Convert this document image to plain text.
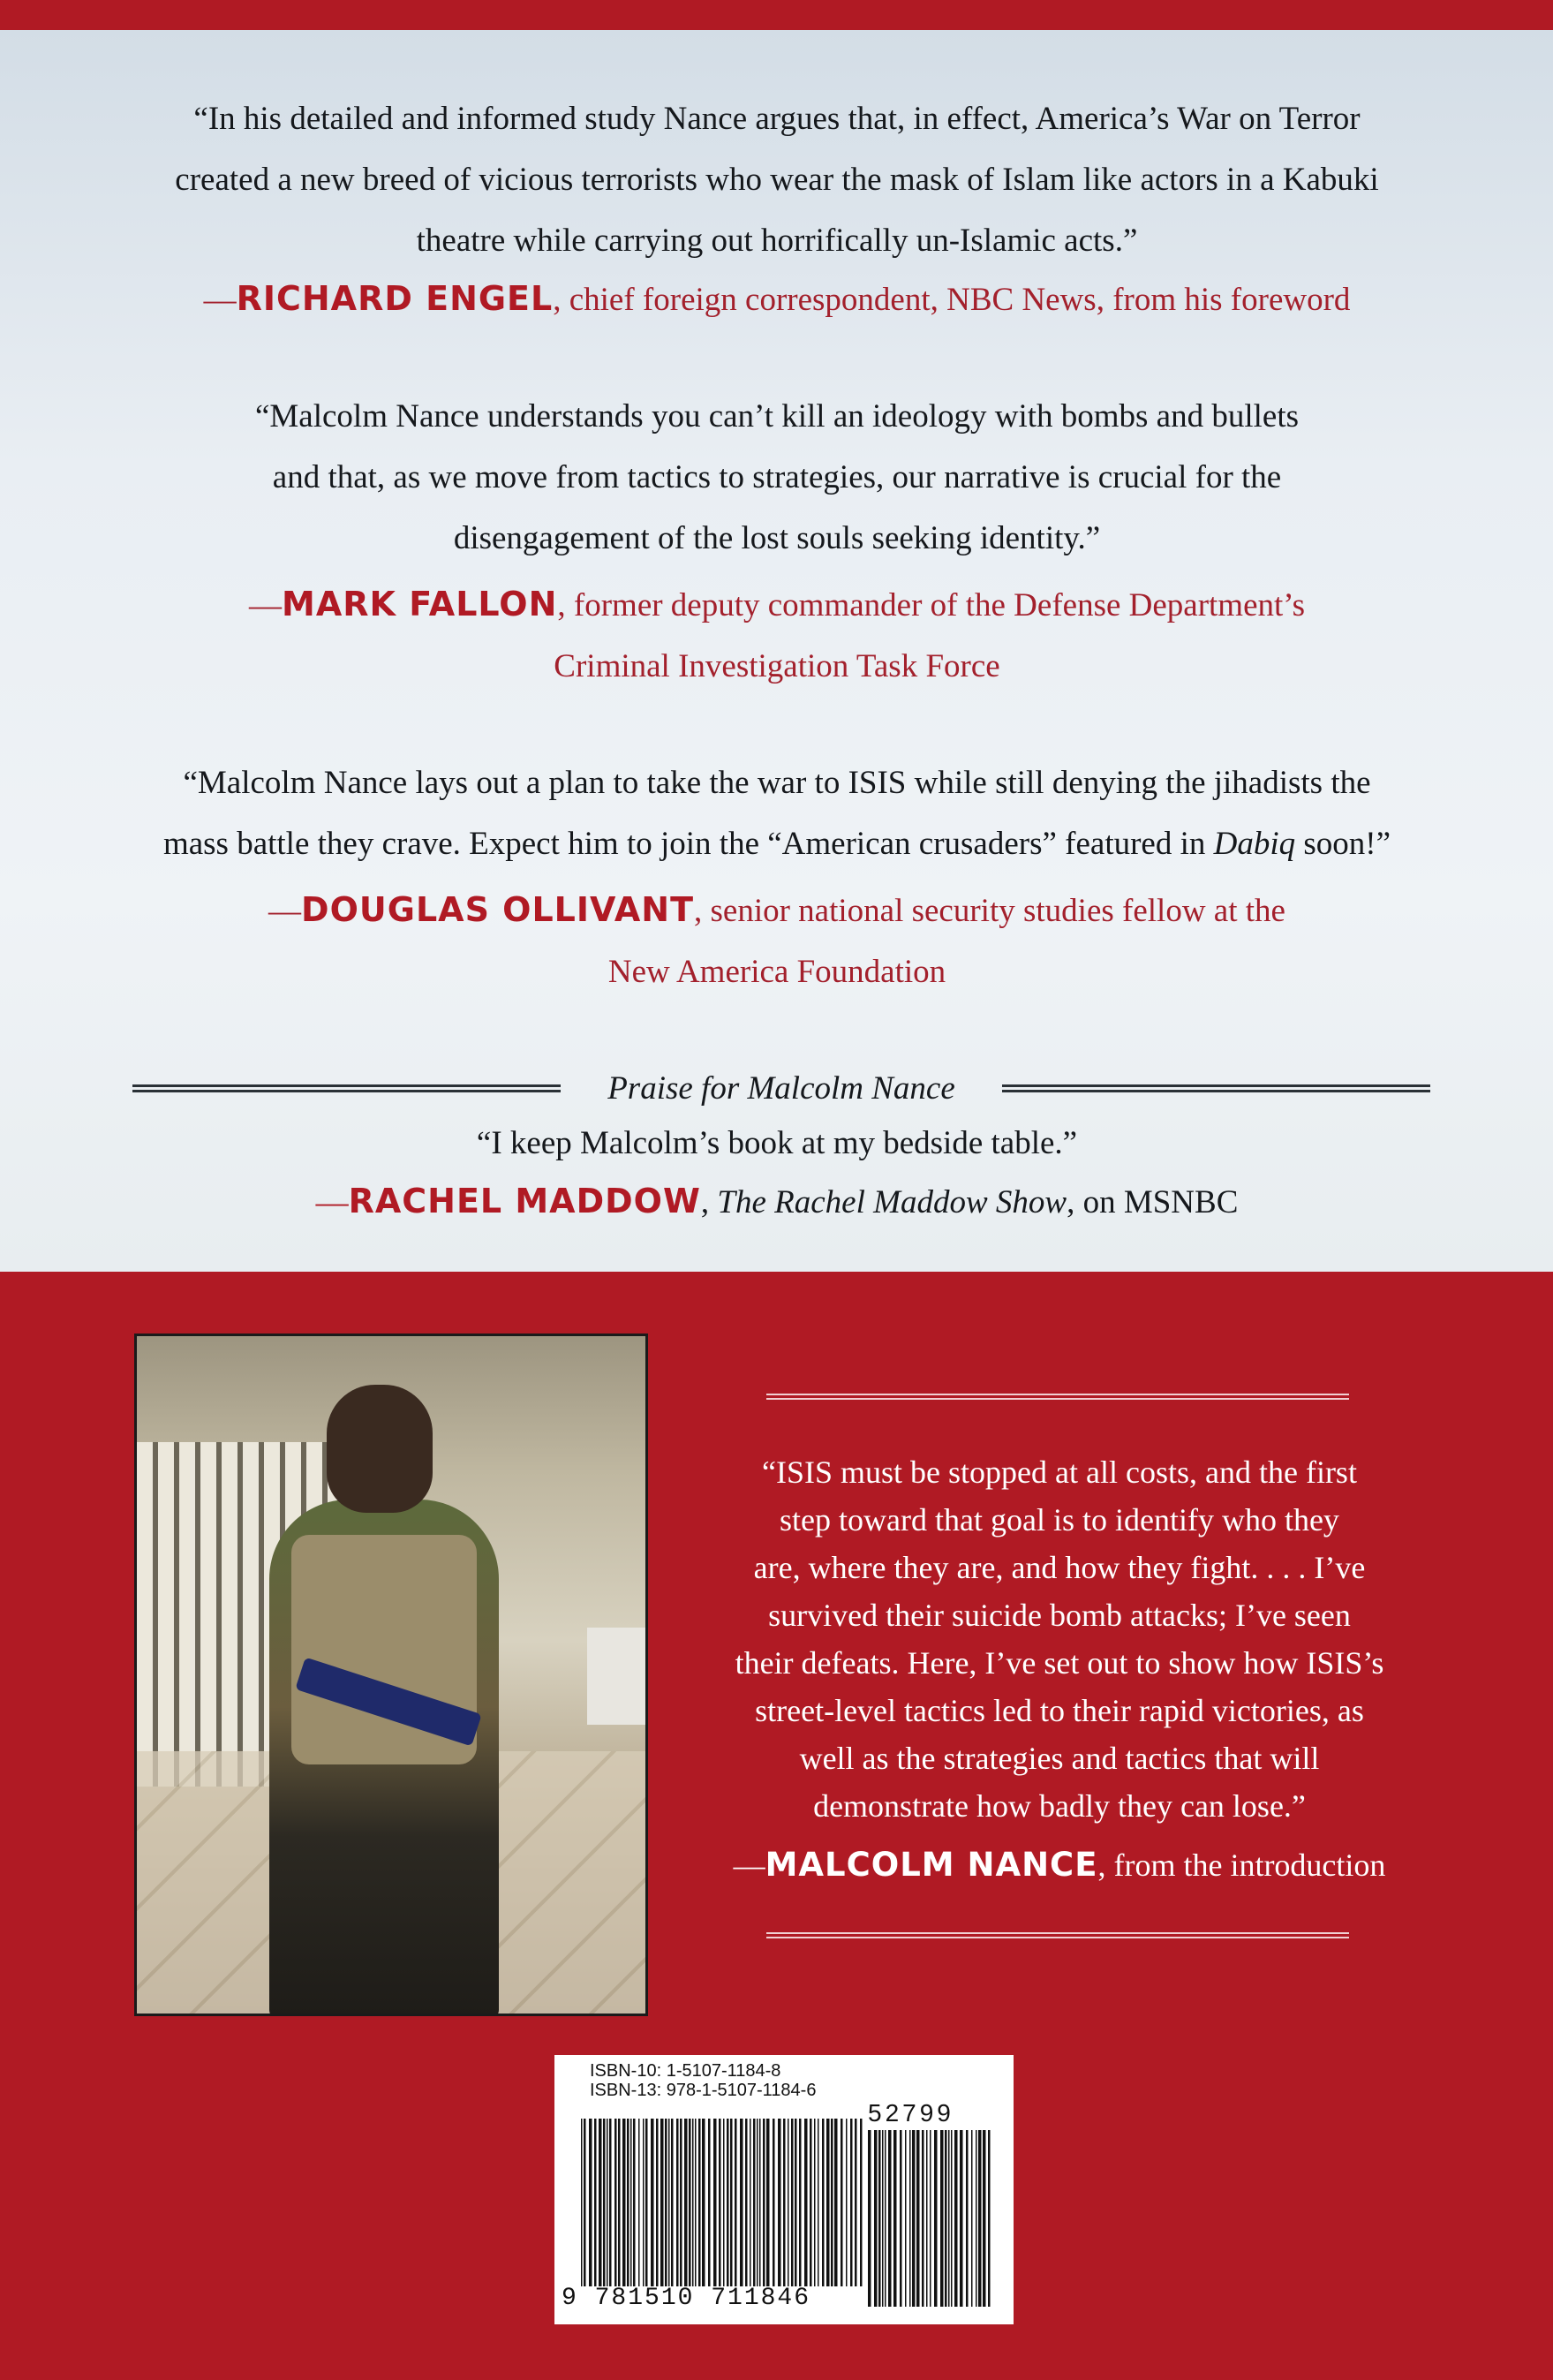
“In his detailed and informed study Nance argues that, in effect, America’s War on Terror
created a new breed of vicious terrorists who wear the mask of Islam like actors in a Kabuki
theatre while carrying out horrifically un-Islamic acts.”

—RICHARD ENGEL, chief foreign correspondent, NBC News, from his foreword

“Malcolm Nance understands you can’t kill an ideology with bombs and bullets
and that, as we move from tactics to strategies, our narrative is crucial for the
disengagement of the lost souls seeking identity.”

—MARK FALLON, former deputy commander of the Defense Department’s
Criminal Investigation Task Force

“Malcolm Nance lays out a plan to take the war to ISIS while still denying the jihadists the
mass battle they crave. Expect him to join the “American crusaders” featured in Dabiq soon!”

—DOUGLAS OLLIVANT, senior national security studies fellow at the
New America Foundation

Praise for Malcolm Nance

“I keep Malcolm’s book at my bedside table.”

—RACHEL MADDOW, The Rachel Maddow Show, on MSNBC

“ISIS must be stopped at all costs, and the first
step toward that goal is to identify who they
are, where they are, and how they fight. . . . I’ve
survived their suicide bomb attacks; I’ve seen
their defeats. Here, I’ve set out to show how ISIS’s
street-level tactics led to their rapid victories, as
well as the strategies and tactics that will
demonstrate how badly they can lose.”

—MALCOLM NANCE, from the introduction

ISBN-10: 1-5107-1184-8
ISBN-13: 978-1-5107-1184-6
52799
9 781510 711846
